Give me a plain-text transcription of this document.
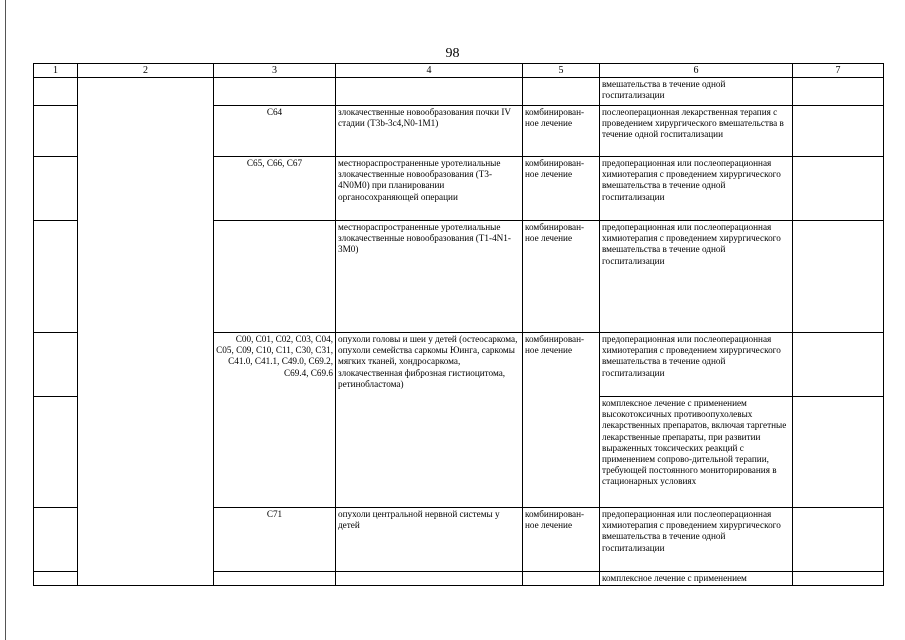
98
1	2	3	4	5	6	7
					вмешательства в течение одной госпитализации	
		C64	злокачественные новообразования почки IV стадии (T3b-3c4,N0-1M1)	комбинирован-ное лечение	послеоперационная лекарственная терапия с проведением хирургического вмешательства в течение одной госпитализации	
		C65, C66, C67	местнораспространенные уротелиальные злокачественные новообразования (T3-4N0M0) при планировании органосохраняющей операции	комбинирован-ное лечение	предоперационная или послеоперационная химиотерапия с проведением хирургического вмешательства в течение одной госпитализации	
			местнораспространенные уротелиальные злокачественные новообразования (T1-4N1-3M0)	комбинирован-ное лечение	предоперационная или послеоперационная химиотерапия с проведением хирургического вмешательства в течение одной госпитализации	
		C00, C01, C02, C03, C04, C05, C09, C10, C11, C30, C31, C41.0, C41.1, C49.0, C69.2, C69.4, C69.6	опухоли головы и шеи у детей (остеосаркома, опухоли семейства саркомы Юинга, саркомы мягких тканей, хондросаркома, злокачественная фиброзная гистиоцитома, ретинобластома)	комбинирован-ное лечение	предоперационная или послеоперационная химиотерапия с проведением хирургического вмешательства в течение одной госпитализации	
					комплексное лечение с применением высокотоксичных противоопухолевых лекарственных препаратов, включая таргетные лекарственные препараты, при развитии выраженных токсических реакций с применением сопрово-дительной терапии, требующей постоянного мониторирования в стационарных условиях	
		C71	опухоли центральной нервной системы у детей	комбинирован-ное лечение	предоперационная или послеоперационная химиотерапия с проведением хирургического вмешательства в течение одной госпитализации	
					комплексное лечение с применением	
